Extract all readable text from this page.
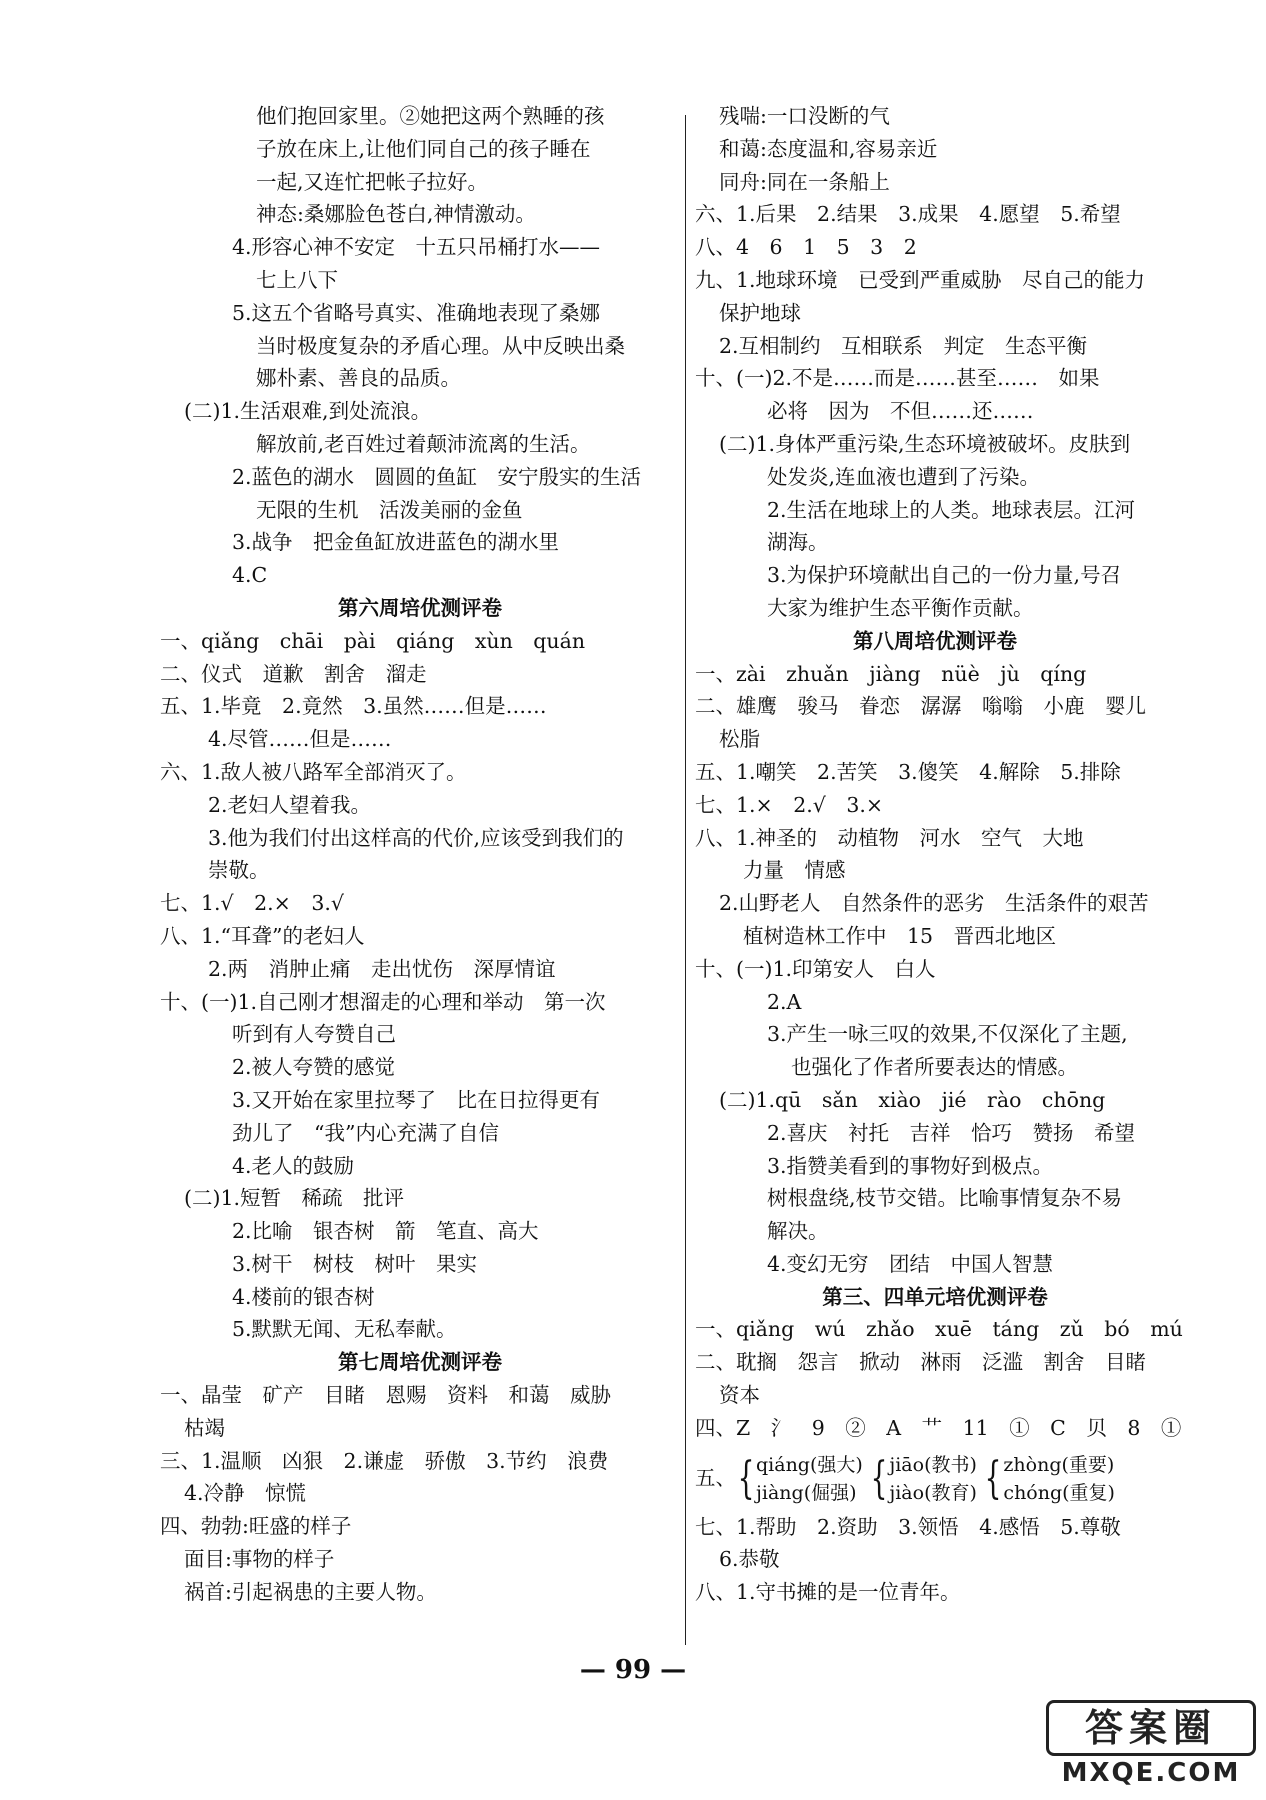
他们抱回家里。②她把这两个熟睡的孩
子放在床上,让他们同自己的孩子睡在
一起,又连忙把帐子拉好。
神态:桑娜脸色苍白,神情激动。
4.形容心神不安定　十五只吊桶打水——
七上八下
5.这五个省略号真实、准确地表现了桑娜
当时极度复杂的矛盾心理。从中反映出桑
娜朴素、善良的品质。
(二)1.生活艰难,到处流浪。
解放前,老百姓过着颠沛流离的生活。
2.蓝色的湖水　圆圆的鱼缸　安宁殷实的生活
无限的生机　活泼美丽的金鱼
3.战争　把金鱼缸放进蓝色的湖水里
4.C
第六周培优测评卷
一、qiǎng　chāi　pài　qiáng　xùn　quán
二、仪式　道歉　割舍　溜走
五、1.毕竟　2.竟然　3.虽然……但是……
4.尽管……但是……
六、1.敌人被八路军全部消灭了。
2.老妇人望着我。
3.他为我们付出这样高的代价,应该受到我们的
崇敬。
七、1.√　2.×　3.√
八、1.“耳聋”的老妇人
2.两　消肿止痛　走出忧伤　深厚情谊
十、(一)1.自己刚才想溜走的心理和举动　第一次
听到有人夸赞自己
2.被人夸赞的感觉
3.又开始在家里拉琴了　比在日拉得更有
劲儿了　“我”内心充满了自信
4.老人的鼓励
(二)1.短暂　稀疏　批评
2.比喻　银杏树　箭　笔直、高大
3.树干　树枝　树叶　果实
4.楼前的银杏树
5.默默无闻、无私奉献。
第七周培优测评卷
一、晶莹　矿产　目睹　恩赐　资料　和蔼　威胁
枯竭
三、1.温顺　凶狠　2.谦虚　骄傲　3.节约　浪费
4.冷静　惊慌
四、勃勃:旺盛的样子
面目:事物的样子
祸首:引起祸患的主要人物。
残喘:一口没断的气
和蔼:态度温和,容易亲近
同舟:同在一条船上
六、1.后果　2.结果　3.成果　4.愿望　5.希望
八、4　6　1　5　3　2
九、1.地球环境　已受到严重威胁　尽自己的能力
保护地球
2.互相制约　互相联系　判定　生态平衡
十、(一)2.不是……而是……甚至……　如果
必将　因为　不但……还……
(二)1.身体严重污染,生态环境被破坏。皮肤到
处发炎,连血液也遭到了污染。
2.生活在地球上的人类。地球表层。江河
湖海。
3.为保护环境献出自己的一份力量,号召
大家为维护生态平衡作贡献。
第八周培优测评卷
一、zài　zhuǎn　jiàng　nüè　jù　qíng
二、雄鹰　骏马　眷恋　潺潺　嗡嗡　小鹿　婴儿
松脂
五、1.嘲笑　2.苦笑　3.傻笑　4.解除　5.排除
七、1.×　2.√　3.×
八、1.神圣的　动植物　河水　空气　大地
力量　情感
2.山野老人　自然条件的恶劣　生活条件的艰苦
植树造林工作中　15　晋西北地区
十、(一)1.印第安人　白人
2.A
3.产生一咏三叹的效果,不仅深化了主题,
也强化了作者所要表达的情感。
(二)1.qū　sǎn　xiào　jié　rào　chōng
2.喜庆　衬托　吉祥　恰巧　赞扬　希望
3.指赞美看到的事物好到极点。
树根盘绕,枝节交错。比喻事情复杂不易
解决。
4.变幻无穷　团结　中国人智慧
第三、四单元培优测评卷
一、qiǎng　wú　zhǎo　xuē　táng　zǔ　bó　mú
二、耽搁　怨言　掀动　淋雨　泛滥　割舍　目睹
资本
四、Z　氵　9　②　A　艹　11　①　C　贝　8　①
五、{qiáng(强大)
jiàng(倔强) {jiāo(教书)
jiào(教育) {zhòng(重要)
chóng(重复)
七、1.帮助　2.资助　3.领悟　4.感悟　5.尊敬
6.恭敬
八、1.守书摊的是一位青年。
— 99 —
答案圈
MXQE.COM
